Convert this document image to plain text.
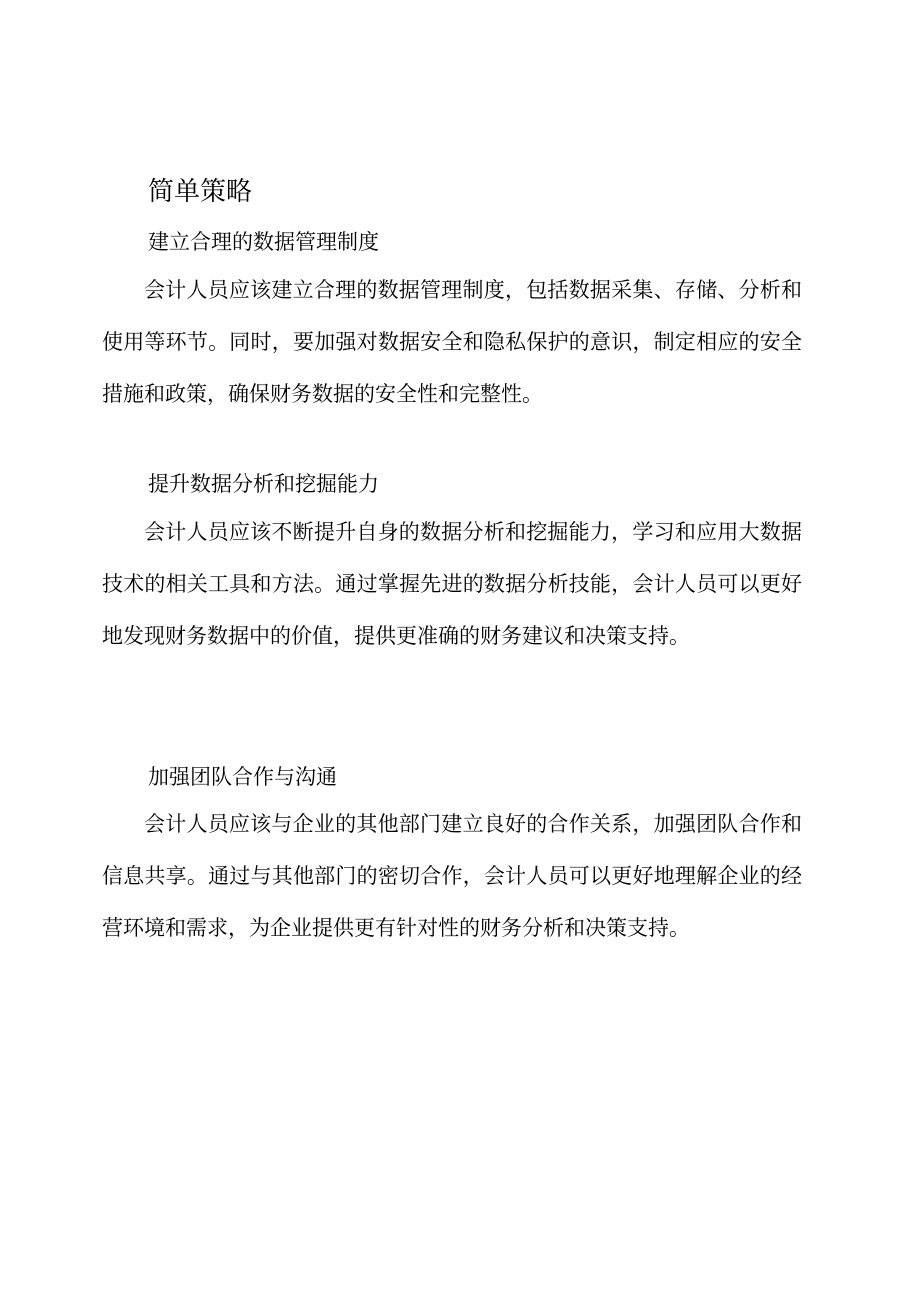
简单策略
建立合理的数据管理制度

会计人员应该建立合理的数据管理制度，包括数据采集、存储、分析和使用等环节。同时，要加强对数据安全和隐私保护的意识，制定相应的安全措施和政策，确保财务数据的安全性和完整性。

提升数据分析和挖掘能力

会计人员应该不断提升自身的数据分析和挖掘能力，学习和应用大数据技术的相关工具和方法。通过掌握先进的数据分析技能，会计人员可以更好地发现财务数据中的价值，提供更准确的财务建议和决策支持。

加强团队合作与沟通

会计人员应该与企业的其他部门建立良好的合作关系，加强团队合作和信息共享。通过与其他部门的密切合作，会计人员可以更好地理解企业的经营环境和需求，为企业提供更有针对性的财务分析和决策支持。
